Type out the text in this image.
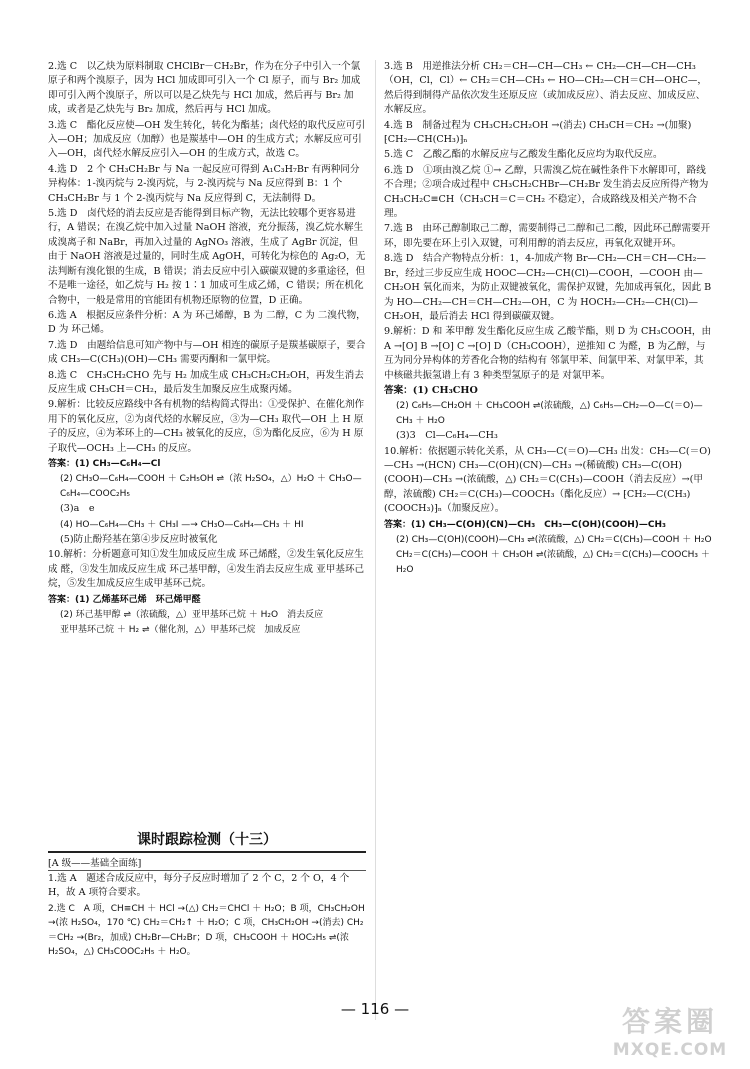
2.选 C　以乙炔为原料制取 CHClBr－CH₂Br，作为在分子中引入一个氯原子和两个溴原子，因为 HCl 加成即可引入一个 Cl 原子，而与 Br₂ 加成即可引入两个溴原子，所以可以是乙炔先与 HCl 加成，然后再与 Br₂ 加成，或者是乙炔先与 Br₂ 加成，然后再与 HCl 加成。

3.选 C　酯化反应使—OH 发生转化，转化为酯基；卤代烃的取代反应可引入—OH；加成反应（加醇）也是羰基中—OH 的生成方式；水解反应可引入—OH，卤代烃水解反应引入—OH 的生成方式，故选 C。

4.选 D　2 个 CH₃CH₂Br 与 Na 一起反应可得到 A₁C₃H₇Br 有两种同分异构体：1-溴丙烷与 2-溴丙烷，与 2-溴丙烷与 Na 反应得到 B：1 个 CH₃CH₂Br 与 1 个 2-溴丙烷与 Na 反应得到 C，无法制得 D。

5.选 D　卤代烃的消去反应是否能得到目标产物，无法比较哪个更容易进行，A 错误；在溴乙烷中加入过量 NaOH 溶液，充分振荡，溴乙烷水解生成溴离子和 NaBr，再加入过量的 AgNO₃ 溶液，生成了 AgBr 沉淀，但由于 NaOH 溶液是过量的，同时生成 AgOH，可转化为棕色的 Ag₂O，无法判断有溴化银的生成，B 错误；消去反应中引入碳碳双键的多重途径，但不是唯一途径，如乙烷与 H₂ 按 1∶1 加成可生成乙烯，C 错误；所在机化合物中，一般是常用的官能团有机物还原物的位置，D 正确。

6.选 A　根据反应条件分析：A 为 环己烯醇，B 为 二醇，C 为 二溴代物，D 为 环己烯。

7.选 D　由题给信息可知产物中与—OH 相连的碳原子是羰基碳原子，要合成 CH₃—C(CH₃)(OH)—CH₃ 需要丙酮和一氯甲烷。

8.选 C　CH₃CH₂CHO 先与 H₂ 加成生成 CH₃CH₂CH₂OH，再发生消去反应生成 CH₃CH＝CH₂，最后发生加聚反应生成聚丙烯。

9.解析：比较反应路线中各有机物的结构简式得出：①受保护、在催化剂作用下的氧化反应，②为卤代烃的水解反应，③为—CH₃ 取代—OH 上 H 原子的反应，④为苯环上的—CH₃ 被氧化的反应，⑤为酯化反应，⑥为 H 原子取代—OCH₃ 上—CH₃ 的反应。

答案：(1) CH₃—C₆H₄—Cl

(2) CH₃O—C₆H₄—COOH ＋ C₂H₅OH ⇌（浓 H₂SO₄，△）H₂O ＋ CH₃O—C₆H₄—COOC₂H₅

(3)a　e

(4) HO—C₆H₄—CH₃ ＋ CH₃I —→ CH₃O—C₆H₄—CH₃ ＋ HI

(5)防止酚羟基在第④步反应时被氧化

10.解析：分析题意可知①发生加成反应生成 环己烯醛，②发生氧化反应生成 醛，③发生加成反应生成 环己基甲醇，④发生消去反应生成 亚甲基环己烷，⑤发生加成反应生成甲基环己烷。

答案：(1) 乙烯基环己烯　环己烯甲醛

(2) 环己基甲醇 ⇌（浓硫酸，△）亚甲基环己烷 ＋ H₂O　消去反应

亚甲基环己烷 ＋ H₂ ⇌（催化剂，△）甲基环己烷　加成反应

课时跟踪检测（十三）
[A 级——基础全面练]

1.选 A　题述合成反应中，每分子反应时增加了 2 个 C，2 个 O，4 个 H，故 A 项符合要求。

2.选 C　A 项，CH≡CH ＋ HCl →(△) CH₂＝CHCl ＋ H₂O；B 项，CH₃CH₂OH →(浓 H₂SO₄，170 ℃) CH₂＝CH₂↑ ＋ H₂O；C 项，CH₃CH₂OH →(消去) CH₂＝CH₂ →(Br₂，加成) CH₂Br—CH₂Br；D 项，CH₃COOH ＋ HOC₂H₅ ⇌(浓 H₂SO₄，△) CH₃COOC₂H₅ ＋ H₂O。

3.选 B　用逆推法分析 CH₂＝CH—CH—CH₃ ← CH₂—CH—CH—CH₃（OH，Cl，Cl）← CH₂＝CH—CH₃ ← HO—CH₂—CH＝CH—OHC—，然后得到制得产品依次发生还原反应（或加成反应）、消去反应、加成反应、水解反应。

4.选 B　制备过程为 CH₃CH₂CH₂OH →(消去) CH₃CH＝CH₂ →(加聚) ⁅CH₂—CH(CH₃)⁆ₙ

5.选 C　乙酸乙酯的水解反应与乙酸发生酯化反应均为取代反应。

6.选 D　①项由溴乙烷 ①→ 乙醇，只需溴乙烷在碱性条件下水解即可，路线不合理；②项合成过程中 CH₃CH₂CHBr—CH₂Br 发生消去反应所得产物为 CH₃CH₂C≡CH（CH₃CH＝C＝CH₂ 不稳定），合成路线及相关产物不合理。

7.选 B　由环己醇制取己二醇，需要制得己二醇和己二酸，因此环己醇需要开环，即先要在环上引入双键，可利用醇的消去反应，再氧化双键开环。

8.选 D　结合产物特点分析：1，4-加成产物 Br—CH₂—CH＝CH—CH₂—Br，经过三步反应生成 HOOC—CH₂—CH(Cl)—COOH，—COOH 由—CH₂OH 氧化而来，为防止双键被氧化，需保护双键，先加成再氧化，因此 B 为 HO—CH₂—CH＝CH—CH₂—OH，C 为 HOCH₂—CH₂—CH(Cl)—CH₂OH，最后消去 HCl 得到碳碳双键。

9.解析：D 和 苯甲醇 发生酯化反应生成 乙酸苄酯，则 D 为 CH₃COOH，由 A →[O] B →[O] C →[O] D（CH₃COOH），逆推知 C 为醛，B 为乙醇，与 互为同分异构体的芳香化合物的结构有 邻氯甲苯、间氯甲苯、对氯甲苯，其中核磁共振氢谱上有 3 种类型氢原子的是 对氯甲苯。

答案：(1) CH₃CHO

(2) C₆H₅—CH₂OH ＋ CH₃COOH ⇌(浓硫酸，△) C₆H₅—CH₂—O—C(＝O)—CH₃ ＋ H₂O

(3)3　Cl—C₆H₄—CH₃

10.解析：依据题示转化关系，从 CH₃—C(＝O)—CH₃ 出发：CH₃—C(＝O)—CH₃ →(HCN) CH₃—C(OH)(CN)—CH₃ →(稀硫酸) CH₃—C(OH)(COOH)—CH₃ →(浓硫酸，△) CH₂＝C(CH₃)—COOH（消去反应）→(甲醇，浓硫酸) CH₂＝C(CH₃)—COOCH₃（酯化反应）→ ⁅CH₂—C(CH₃)(COOCH₃)⁆ₙ（加聚反应）。

答案：(1) CH₃—C(OH)(CN)—CH₃　CH₃—C(OH)(COOH)—CH₃

(2) CH₃—C(OH)(COOH)—CH₃ ⇌(浓硫酸，△) CH₂＝C(CH₃)—COOH ＋ H₂O

CH₂＝C(CH₃)—COOH ＋ CH₃OH ⇌(浓硫酸，△) CH₂＝C(CH₃)—COOCH₃ ＋ H₂O

— 116 —	答案圈
MXQE.COM
